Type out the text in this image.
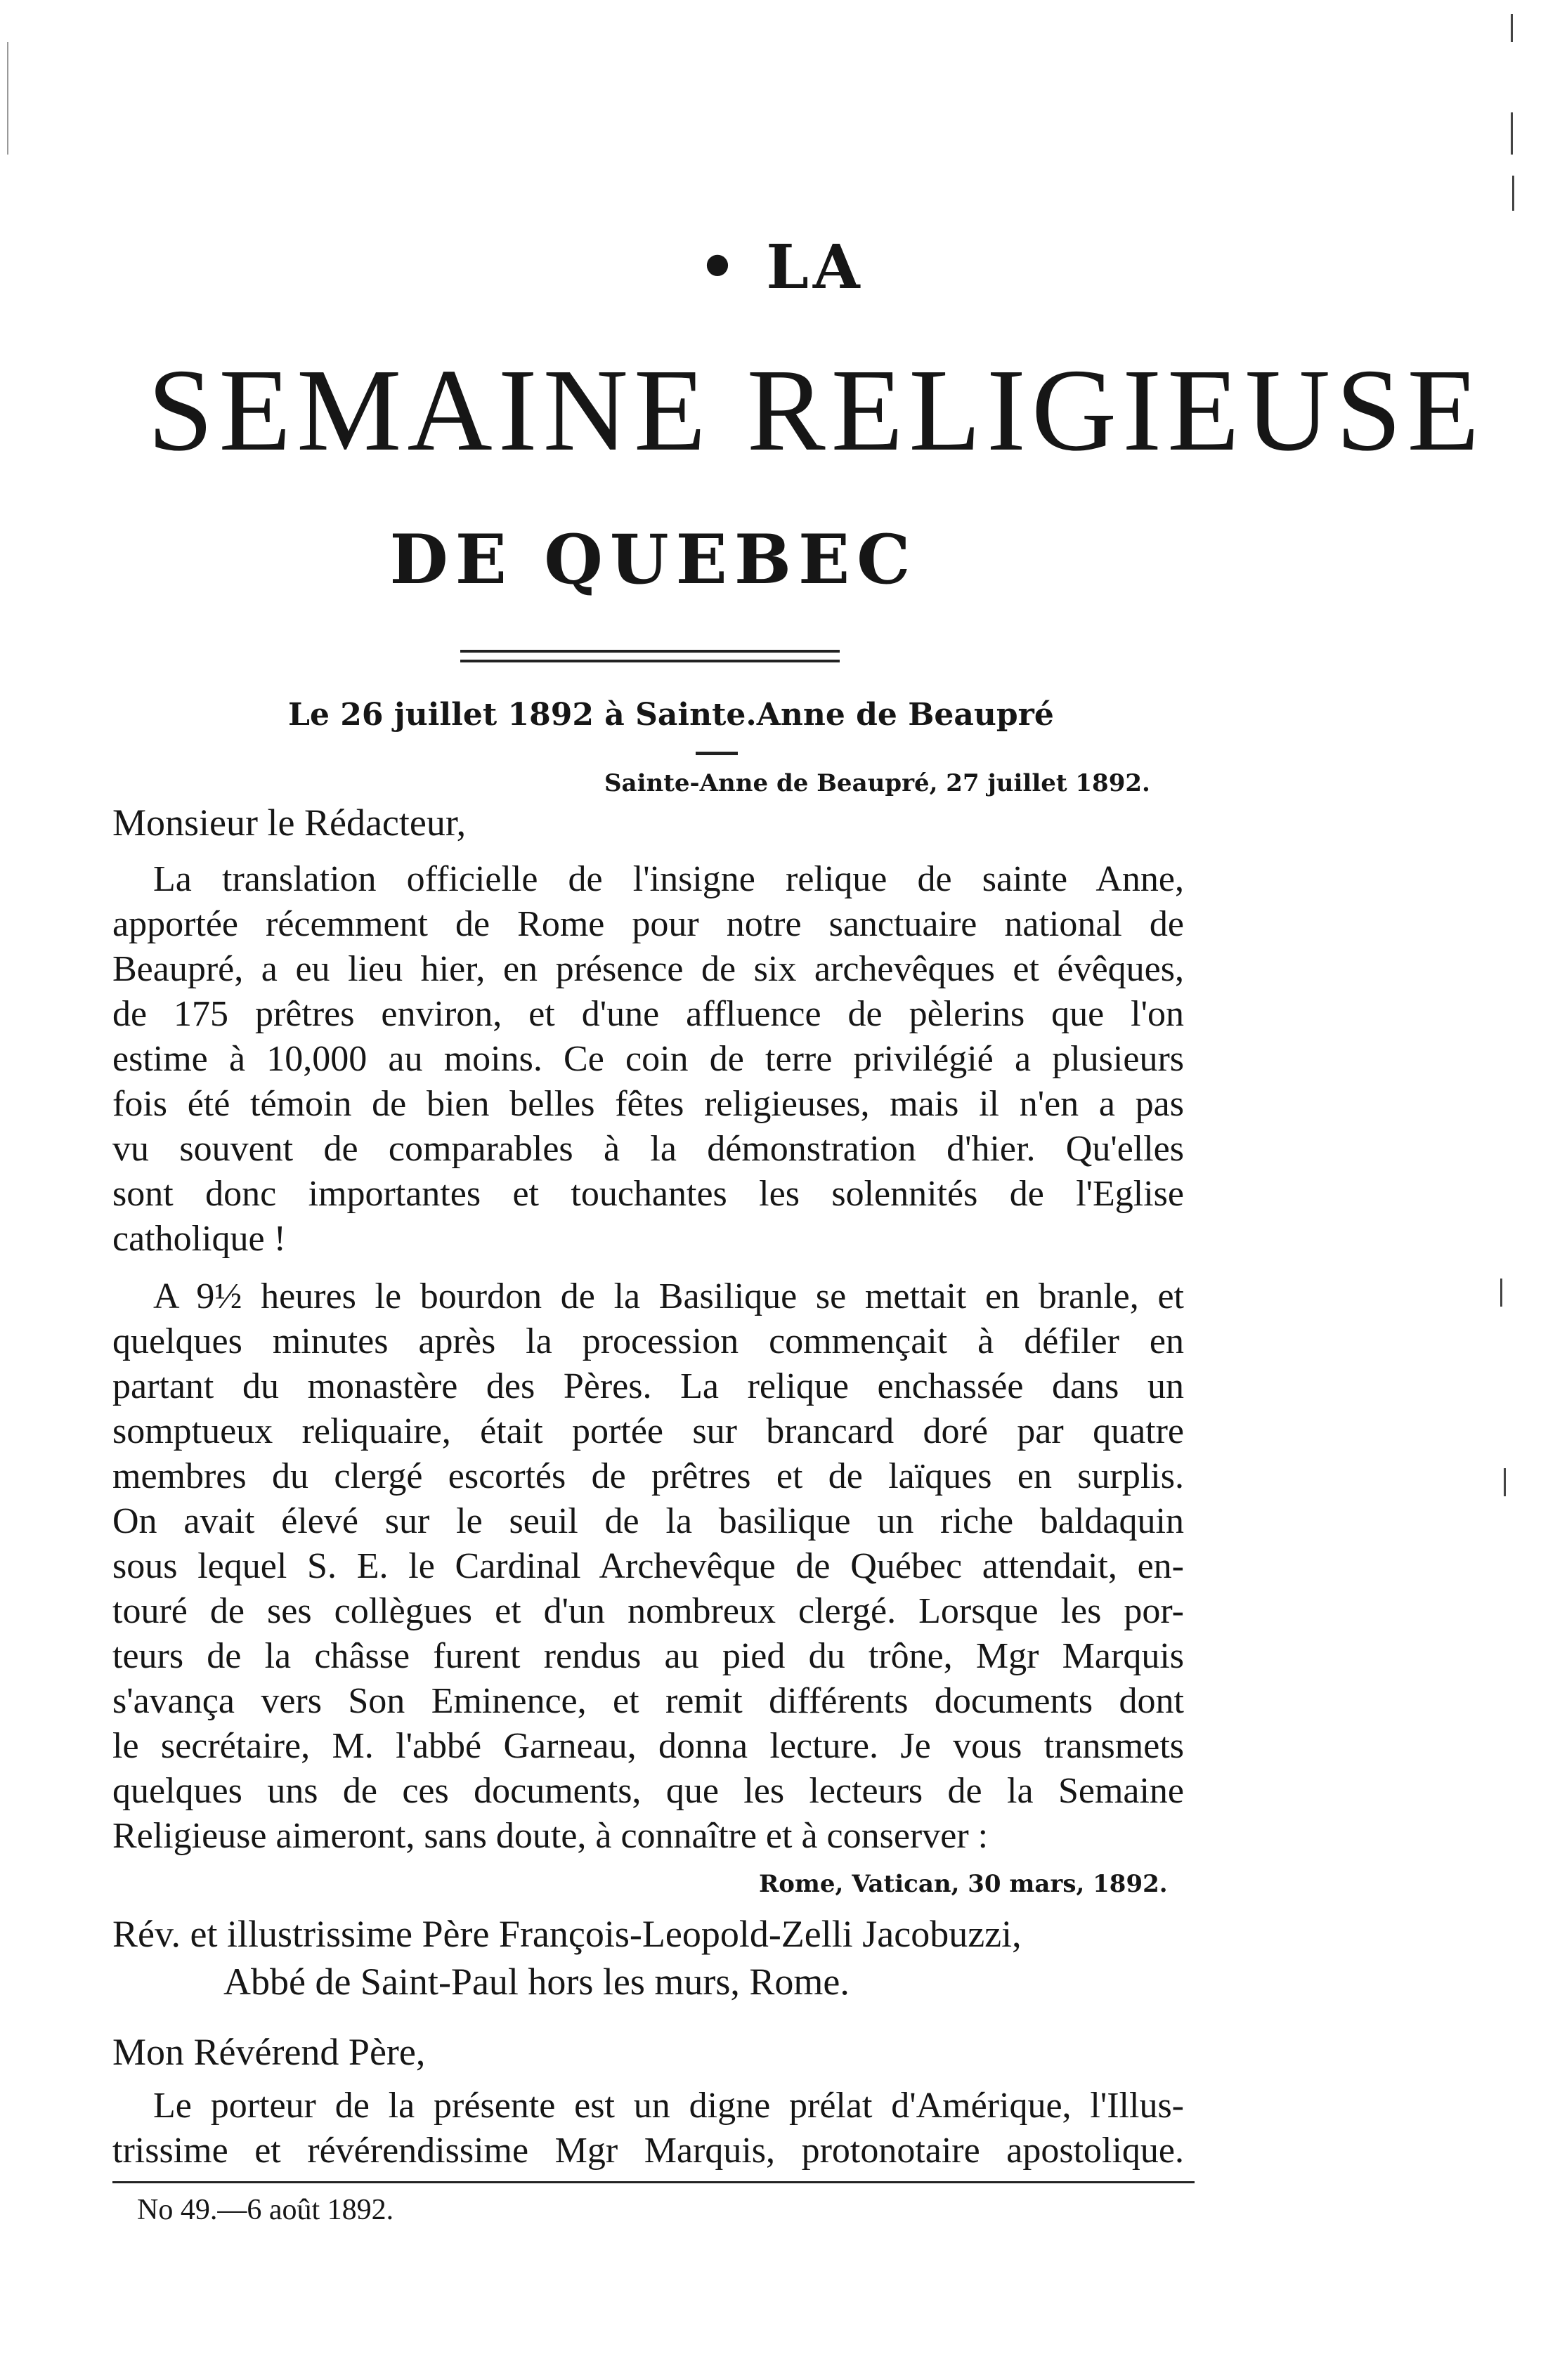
• LA
SEMAINE RELIGIEUSE
DE QUEBEC
Le 26 juillet 1892 à Sainte.Anne de Beaupré
Sainte-Anne de Beaupré, 27 juillet 1892.
Monsieur le Rédacteur,
La translation officielle de l'insigne relique de sainte Anne,
apportée récemment de Rome pour notre sanctuaire national de
Beaupré, a eu lieu hier, en présence de six archevêques et évêques,
de 175 prêtres environ, et d'une affluence de pèlerins que l'on
estime à 10,000 au moins. Ce coin de terre privilégié a plusieurs
fois été témoin de bien belles fêtes religieuses, mais il n'en a pas
vu souvent de comparables à la démonstration d'hier. Qu'elles
sont donc importantes et touchantes les solennités de l'Eglise
catholique !
A 9½ heures le bourdon de la Basilique se mettait en branle, et
quelques minutes après la procession commençait à défiler en
partant du monastère des Pères. La relique enchassée dans un
somptueux reliquaire, était portée sur brancard doré par quatre
membres du clergé escortés de prêtres et de laïques en surplis.
On avait élevé sur le seuil de la basilique un riche baldaquin
sous lequel S. E. le Cardinal Archevêque de Québec attendait, en-
touré de ses collègues et d'un nombreux clergé. Lorsque les por-
teurs de la châsse furent rendus au pied du trône, Mgr Marquis
s'avança vers Son Eminence, et remit différents documents dont
le secrétaire, M. l'abbé Garneau, donna lecture. Je vous transmets
quelques uns de ces documents, que les lecteurs de la Semaine
Religieuse aimeront, sans doute, à connaître et à conserver :
Rome, Vatican, 30 mars, 1892.
Rév. et illustrissime Père François-Leopold-Zelli Jacobuzzi,
Abbé de Saint-Paul hors les murs, Rome.
Mon Révérend Père,
Le porteur de la présente est un digne prélat d'Amérique, l'Illus-
trissime et révérendissime Mgr Marquis, protonotaire apostolique.
No 49.—6 août 1892.
